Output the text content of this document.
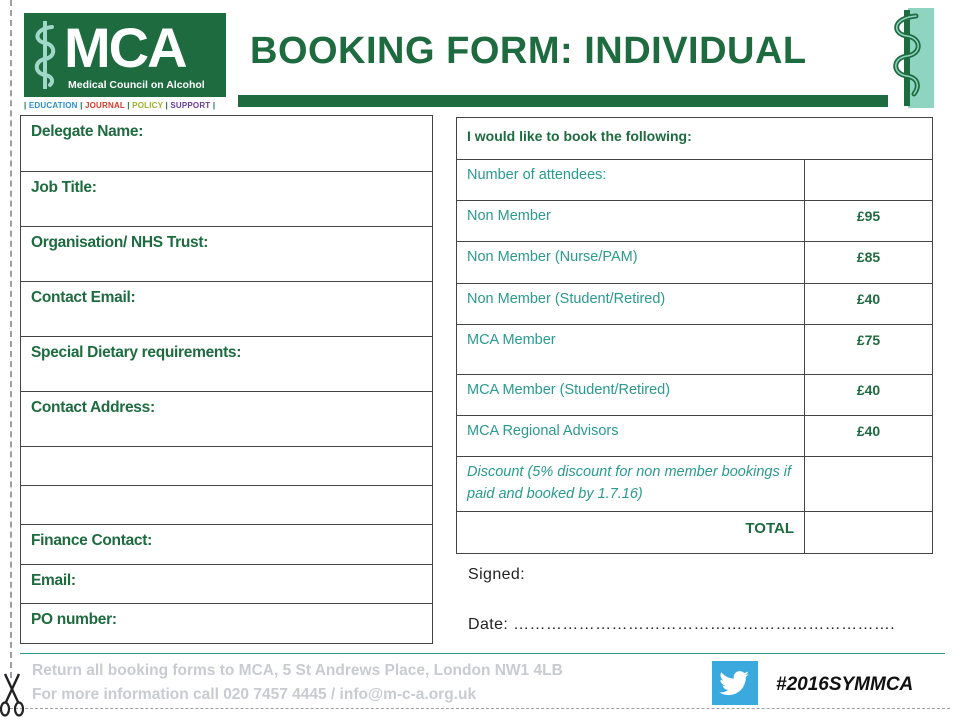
MCA
Medical Council on Alcohol
| EDUCATION | JOURNAL | POLICY | SUPPORT |
BOOKING FORM: INDIVIDUAL
Delegate Name:
Job Title:
Organisation/ NHS Trust:
Contact Email:
Special Dietary requirements:
Contact Address:
Finance Contact:
Email:
PO number:
I would like to book the following:
Number of attendees:
Non Member	£95
Non Member (Nurse/PAM)	£85
Non Member (Student/Retired)	£40
MCA Member	£75
MCA Member (Student/Retired)	£40
MCA Regional Advisors	£40
Discount (5% discount for non member bookings if paid and booked by 1.7.16)
TOTAL
Signed:
Date: …………………………………………………………….
Return all booking forms to MCA, 5 St Andrews Place, London NW1 4LB
For more information call 020 7457 4445 / info@m-c-a.org.uk	#2016SYMMCA
